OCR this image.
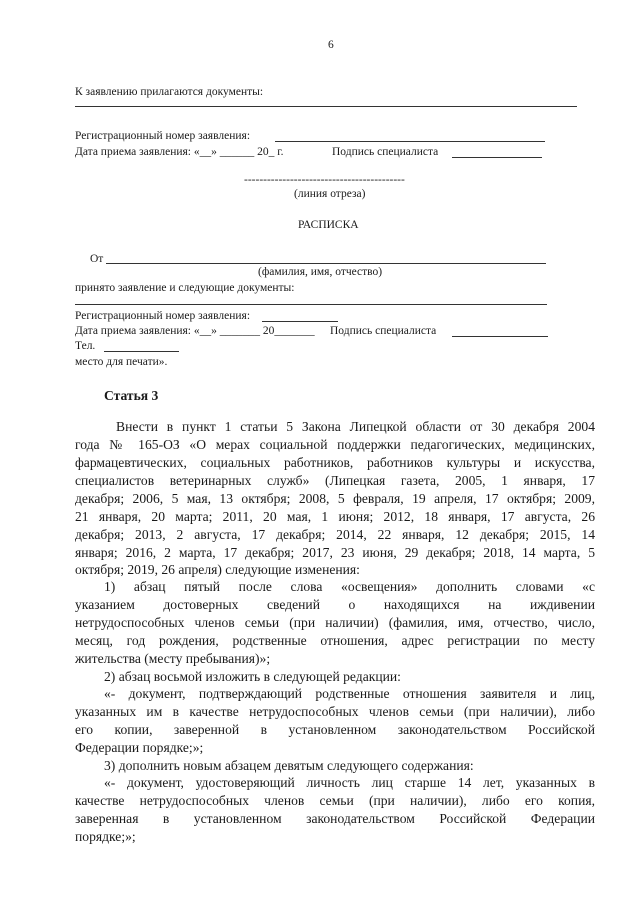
6
К заявлению прилагаются документы:
Регистрационный номер заявления:
Дата приема заявления: «__» ______ 20_ г.	Подпись специалиста
------------------------------------------
(линия отреза)
РАСПИСКА
От
(фамилия, имя, отчество)
принято заявление и следующие документы:
Регистрационный номер заявления:
Дата приема заявления: «__» _______ 20_______ Подпись специалиста
Тел.
место для печати».
Статья 3
Внести в пункт 1 статьи 5 Закона Липецкой области от 30 декабря 2004
года № 165-ОЗ «О мерах социальной поддержки педагогических, медицинских,
фармацевтических, социальных работников, работников культуры и искусства,
специалистов ветеринарных служб» (Липецкая газета, 2005, 1 января, 17
декабря; 2006, 5 мая, 13 октября; 2008, 5 февраля, 19 апреля, 17 октября; 2009,
21 января, 20 марта; 2011, 20 мая, 1 июня; 2012, 18 января, 17 августа, 26
декабря; 2013, 2 августа, 17 декабря; 2014, 22 января, 12 декабря; 2015, 14
января; 2016, 2 марта, 17 декабря; 2017, 23 июня, 29 декабря; 2018, 14 марта, 5
октября; 2019, 26 апреля) следующие изменения:
1) абзац пятый после слова «освещения» дополнить словами «с
указанием достоверных сведений о находящихся на иждивении
нетрудоспособных членов семьи (при наличии) (фамилия, имя, отчество, число,
месяц, год рождения, родственные отношения, адрес регистрации по месту
жительства (месту пребывания)»;
2) абзац восьмой изложить в следующей редакции:
«- документ, подтверждающий родственные отношения заявителя и лиц,
указанных им в качестве нетрудоспособных членов семьи (при наличии), либо
его копии, заверенной в установленном законодательством Российской
Федерации порядке;»;
3) дополнить новым абзацем девятым следующего содержания:
«- документ, удостоверяющий личность лиц старше 14 лет, указанных в
качестве нетрудоспособных членов семьи (при наличии), либо его копия,
заверенная в установленном законодательством Российской Федерации
порядке;»;
